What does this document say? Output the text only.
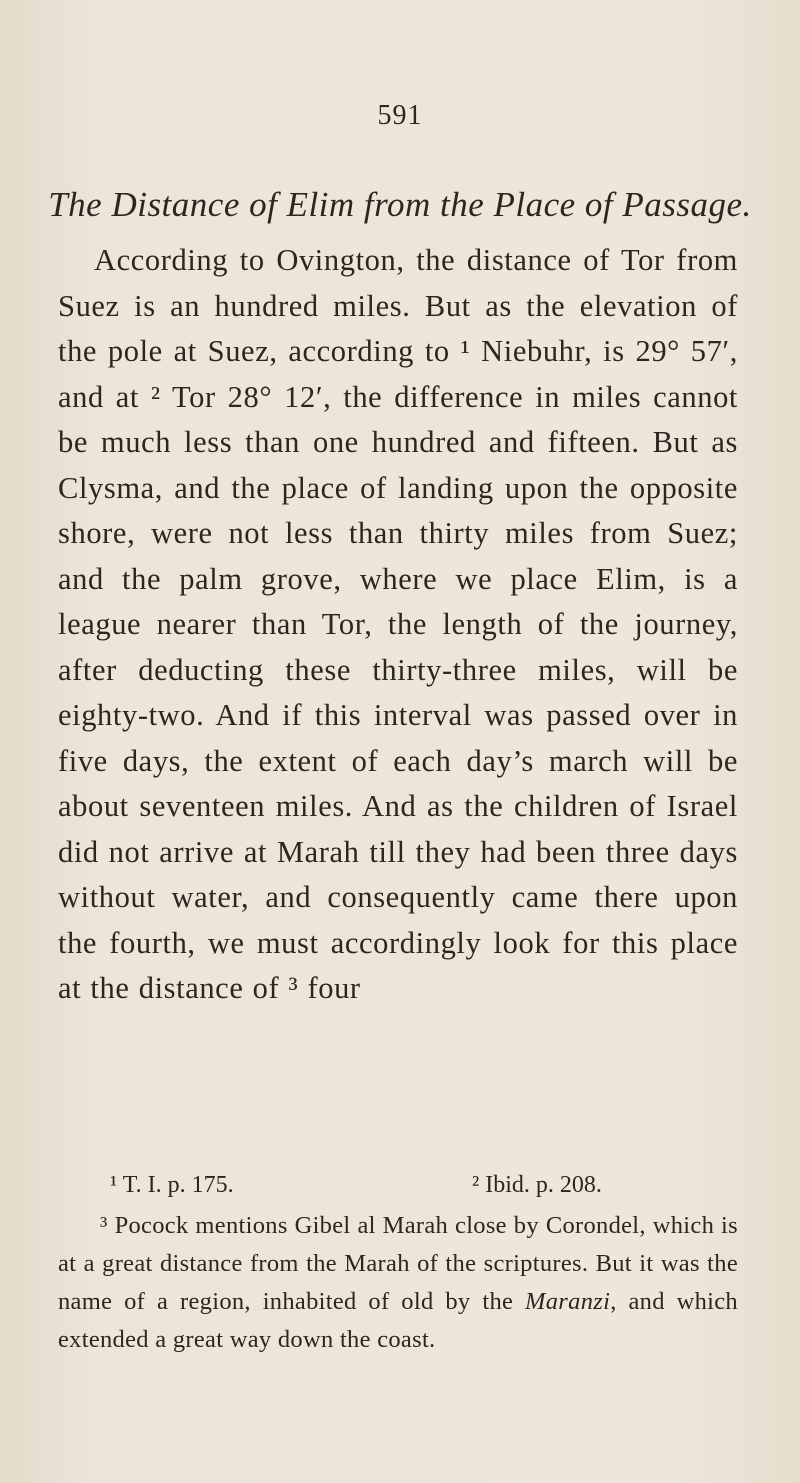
591
The Distance of Elim from the Place of Passage.

According to Ovington, the distance of Tor from Suez is an hundred miles. But as the elevation of the pole at Suez, according to ¹ Niebuhr, is 29° 57′, and at ² Tor 28° 12′, the difference in miles cannot be much less than one hundred and fifteen. But as Clysma, and the place of landing upon the opposite shore, were not less than thirty miles from Suez; and the palm grove, where we place Elim, is a league nearer than Tor, the length of the journey, after deducting these thirty-three miles, will be eighty-two. And if this interval was passed over in five days, the extent of each day’s march will be about seventeen miles. And as the children of Israel did not arrive at Marah till they had been three days without water, and consequently came there upon the fourth, we must accordingly look for this place at the distance of ³ four

¹ T. I. p. 175.	² Ibid. p. 208.

³ Pocock mentions Gibel al Marah close by Corondel, which is at a great distance from the Marah of the scriptures. But it was the name of a region, inhabited of old by the Maranzi, and which extended a great way down the coast.
